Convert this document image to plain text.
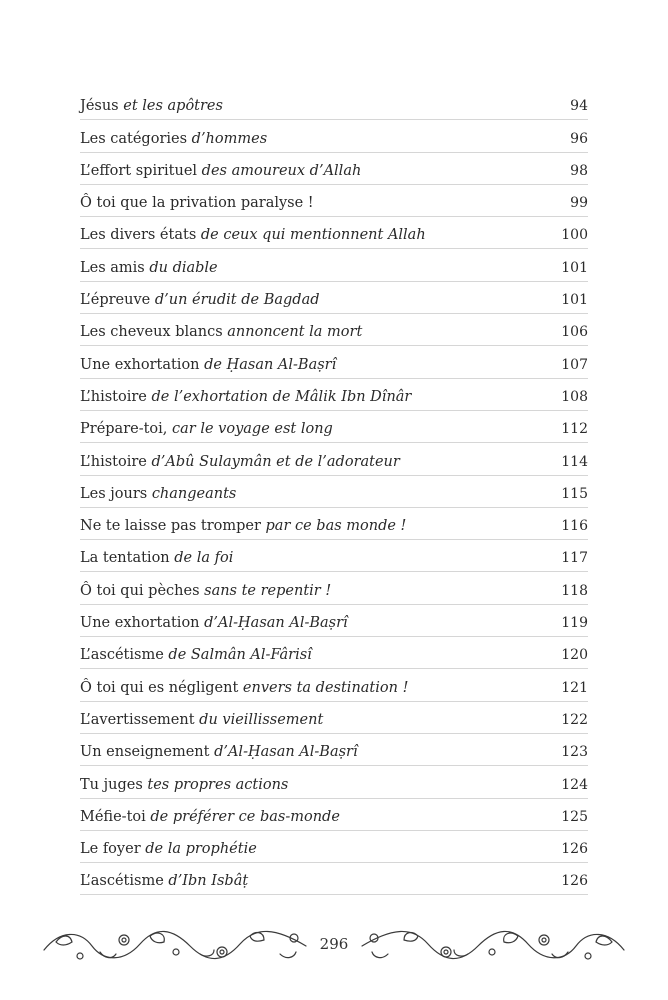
Jésus et les apôtres	94
Les catégories d’hommes	96
L’effort spirituel des amoureux d’Allah	98
Ô toi que la privation paralyse !	99
Les divers états de ceux qui mentionnent Allah	100
Les amis du diable	101
L’épreuve d’un érudit de Bagdad	101
Les cheveux blancs annoncent la mort	106
Une exhortation de Ḥasan Al-Baṣrî	107
L’histoire de l’exhortation de Mâlik Ibn Dînâr	108
Prépare-toi, car le voyage est long	112
L’histoire d’Abû Sulaymân et de l’adorateur	114
Les jours changeants	115
Ne te laisse pas tromper par ce bas monde !	116
La tentation de la foi	117
Ô toi qui pèches sans te repentir !	118
Une exhortation d’Al-Ḥasan Al-Baṣrî	119
L’ascétisme de Salmân Al-Fârisî	120
Ô toi qui es négligent envers ta destination !	121
L’avertissement du vieillissement	122
Un enseignement d’Al-Ḥasan Al-Baṣrî	123
Tu juges tes propres actions	124
Méfie-toi de préférer ce bas-monde	125
Le foyer de la prophétie	126
L’ascétisme d’Ibn Isbâṭ	126
296
